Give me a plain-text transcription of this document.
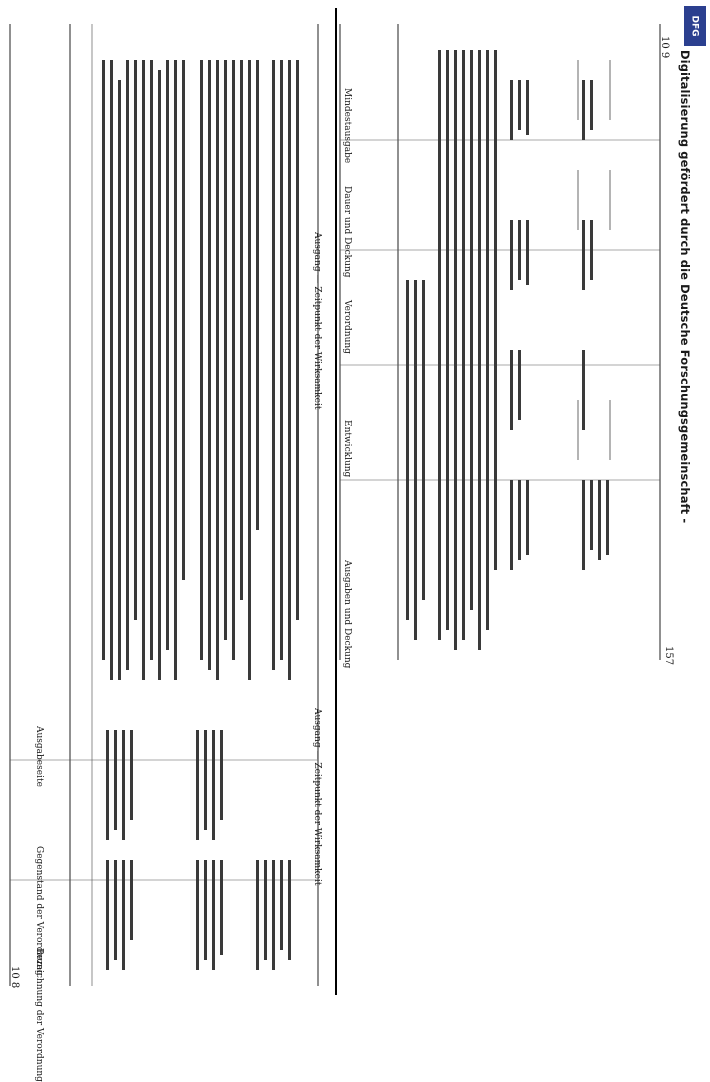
DFG
Digitalisierung gefördert durch die Deutsche Forschungsgemeinschaft -
10 8
10 9
Ausgang — Zeitpunkt der Wirksamkeit
Ausgang — Zeitpunkt der Wirksamkeit
Ausgabeseite
Gegenstand der Verordnung
Bezeichnung der Verordnung
Mindestausgabe
Dauer und Deckung
Verordnung
Entwicklung
Ausgaben und Deckung	157
